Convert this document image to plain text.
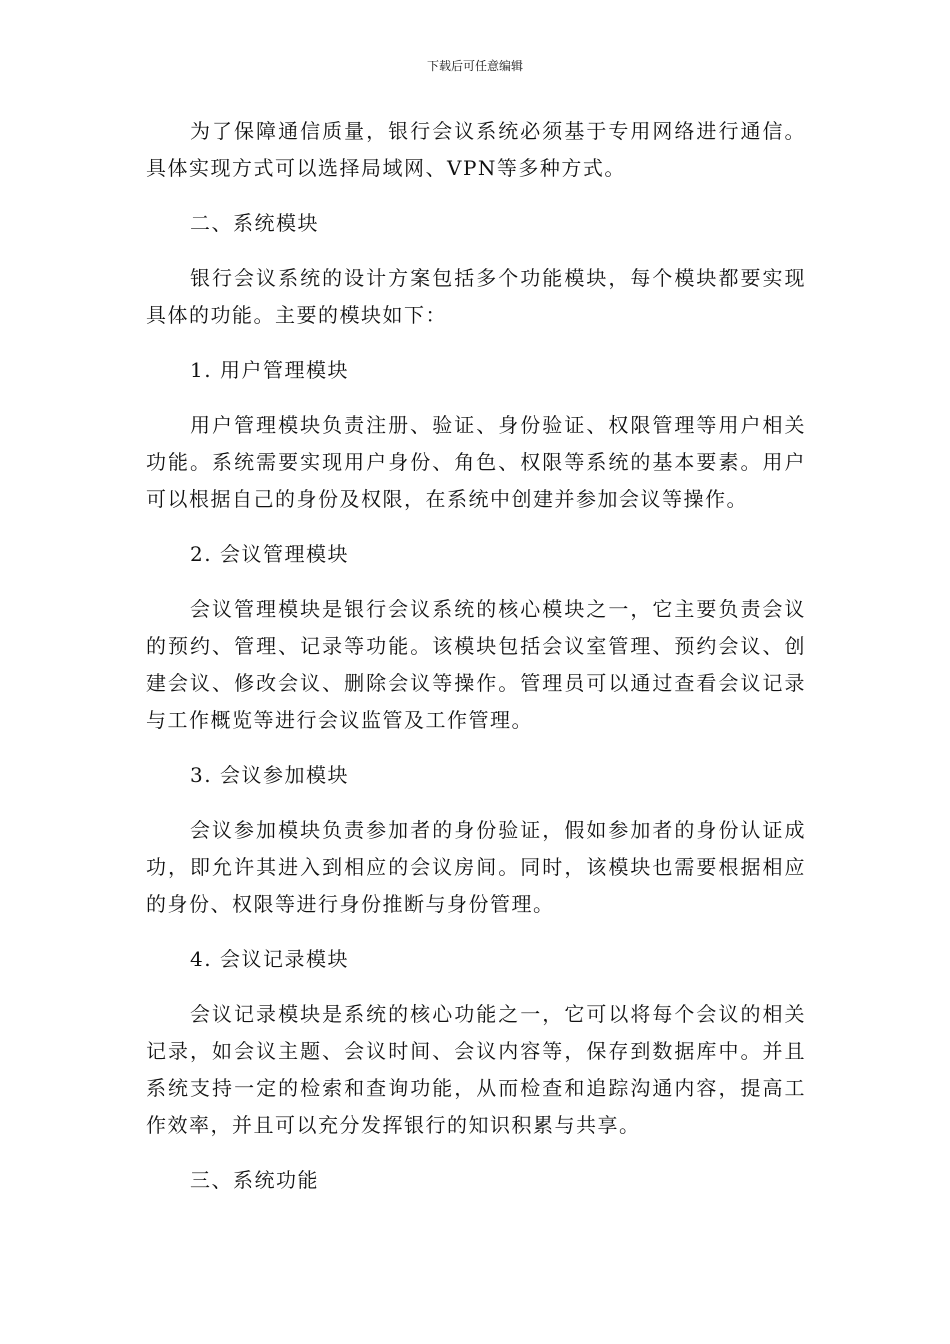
下载后可任意编辑

为了保障通信质量，银行会议系统必须基于专用网络进行通信。具体实现方式可以选择局域网、VPN等多种方式。

二、系统模块

银行会议系统的设计方案包括多个功能模块，每个模块都要实现具体的功能。主要的模块如下：

1. 用户管理模块

用户管理模块负责注册、验证、身份验证、权限管理等用户相关功能。系统需要实现用户身份、角色、权限等系统的基本要素。用户可以根据自己的身份及权限，在系统中创建并参加会议等操作。

2. 会议管理模块

会议管理模块是银行会议系统的核心模块之一，它主要负责会议的预约、管理、记录等功能。该模块包括会议室管理、预约会议、创建会议、修改会议、删除会议等操作。管理员可以通过查看会议记录与工作概览等进行会议监管及工作管理。

3. 会议参加模块

会议参加模块负责参加者的身份验证，假如参加者的身份认证成功，即允许其进入到相应的会议房间。同时，该模块也需要根据相应的身份、权限等进行身份推断与身份管理。

4. 会议记录模块

会议记录模块是系统的核心功能之一，它可以将每个会议的相关记录，如会议主题、会议时间、会议内容等，保存到数据库中。并且系统支持一定的检索和查询功能，从而检查和追踪沟通内容，提高工作效率，并且可以充分发挥银行的知识积累与共享。

三、系统功能
